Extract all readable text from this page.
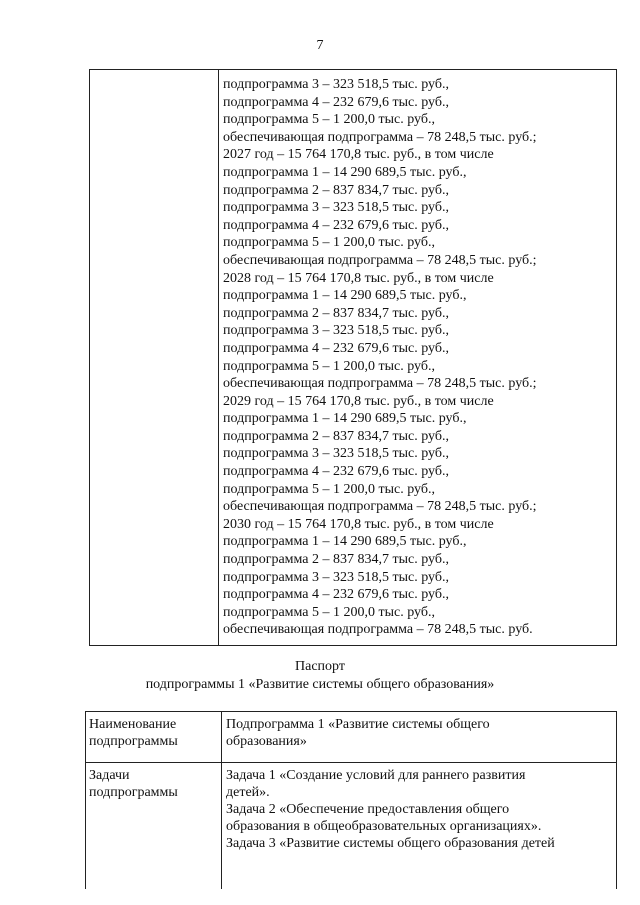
7

подпрограмма 3 – 323 518,5 тыс. руб.,
подпрограмма 4 – 232 679,6 тыс. руб.,
подпрограмма 5 – 1 200,0 тыс. руб.,
обеспечивающая подпрограмма – 78 248,5 тыс. руб.;
2027 год – 15 764 170,8 тыс. руб., в том числе
подпрограмма 1 – 14 290 689,5 тыс. руб.,
подпрограмма 2 – 837 834,7 тыс. руб.,
подпрограмма 3 – 323 518,5 тыс. руб.,
подпрограмма 4 – 232 679,6 тыс. руб.,
подпрограмма 5 – 1 200,0 тыс. руб.,
обеспечивающая подпрограмма – 78 248,5 тыс. руб.;
2028 год – 15 764 170,8 тыс. руб., в том числе
подпрограмма 1 – 14 290 689,5 тыс. руб.,
подпрограмма 2 – 837 834,7 тыс. руб.,
подпрограмма 3 – 323 518,5 тыс. руб.,
подпрограмма 4 – 232 679,6 тыс. руб.,
подпрограмма 5 – 1 200,0 тыс. руб.,
обеспечивающая подпрограмма – 78 248,5 тыс. руб.;
2029 год – 15 764 170,8 тыс. руб., в том числе
подпрограмма 1 – 14 290 689,5 тыс. руб.,
подпрограмма 2 – 837 834,7 тыс. руб.,
подпрограмма 3 – 323 518,5 тыс. руб.,
подпрограмма 4 – 232 679,6 тыс. руб.,
подпрограмма 5 – 1 200,0 тыс. руб.,
обеспечивающая подпрограмма – 78 248,5 тыс. руб.;
2030 год – 15 764 170,8 тыс. руб., в том числе
подпрограмма 1 – 14 290 689,5 тыс. руб.,
подпрограмма 2 – 837 834,7 тыс. руб.,
подпрограмма 3 – 323 518,5 тыс. руб.,
подпрограмма 4 – 232 679,6 тыс. руб.,
подпрограмма 5 – 1 200,0 тыс. руб.,
обеспечивающая подпрограмма – 78 248,5 тыс. руб.
Паспорт
подпрограммы 1 «Развитие системы общего образования»
Наименование
подпрограммы	Подпрограмма 1 «Развитие системы общего
образования»

Задачи
подпрограммы	Задача 1 «Создание условий для раннего развития
детей».
Задача 2 «Обеспечение предоставления общего
образования в общеобразовательных организациях».
Задача 3 «Развитие системы общего образования детей
